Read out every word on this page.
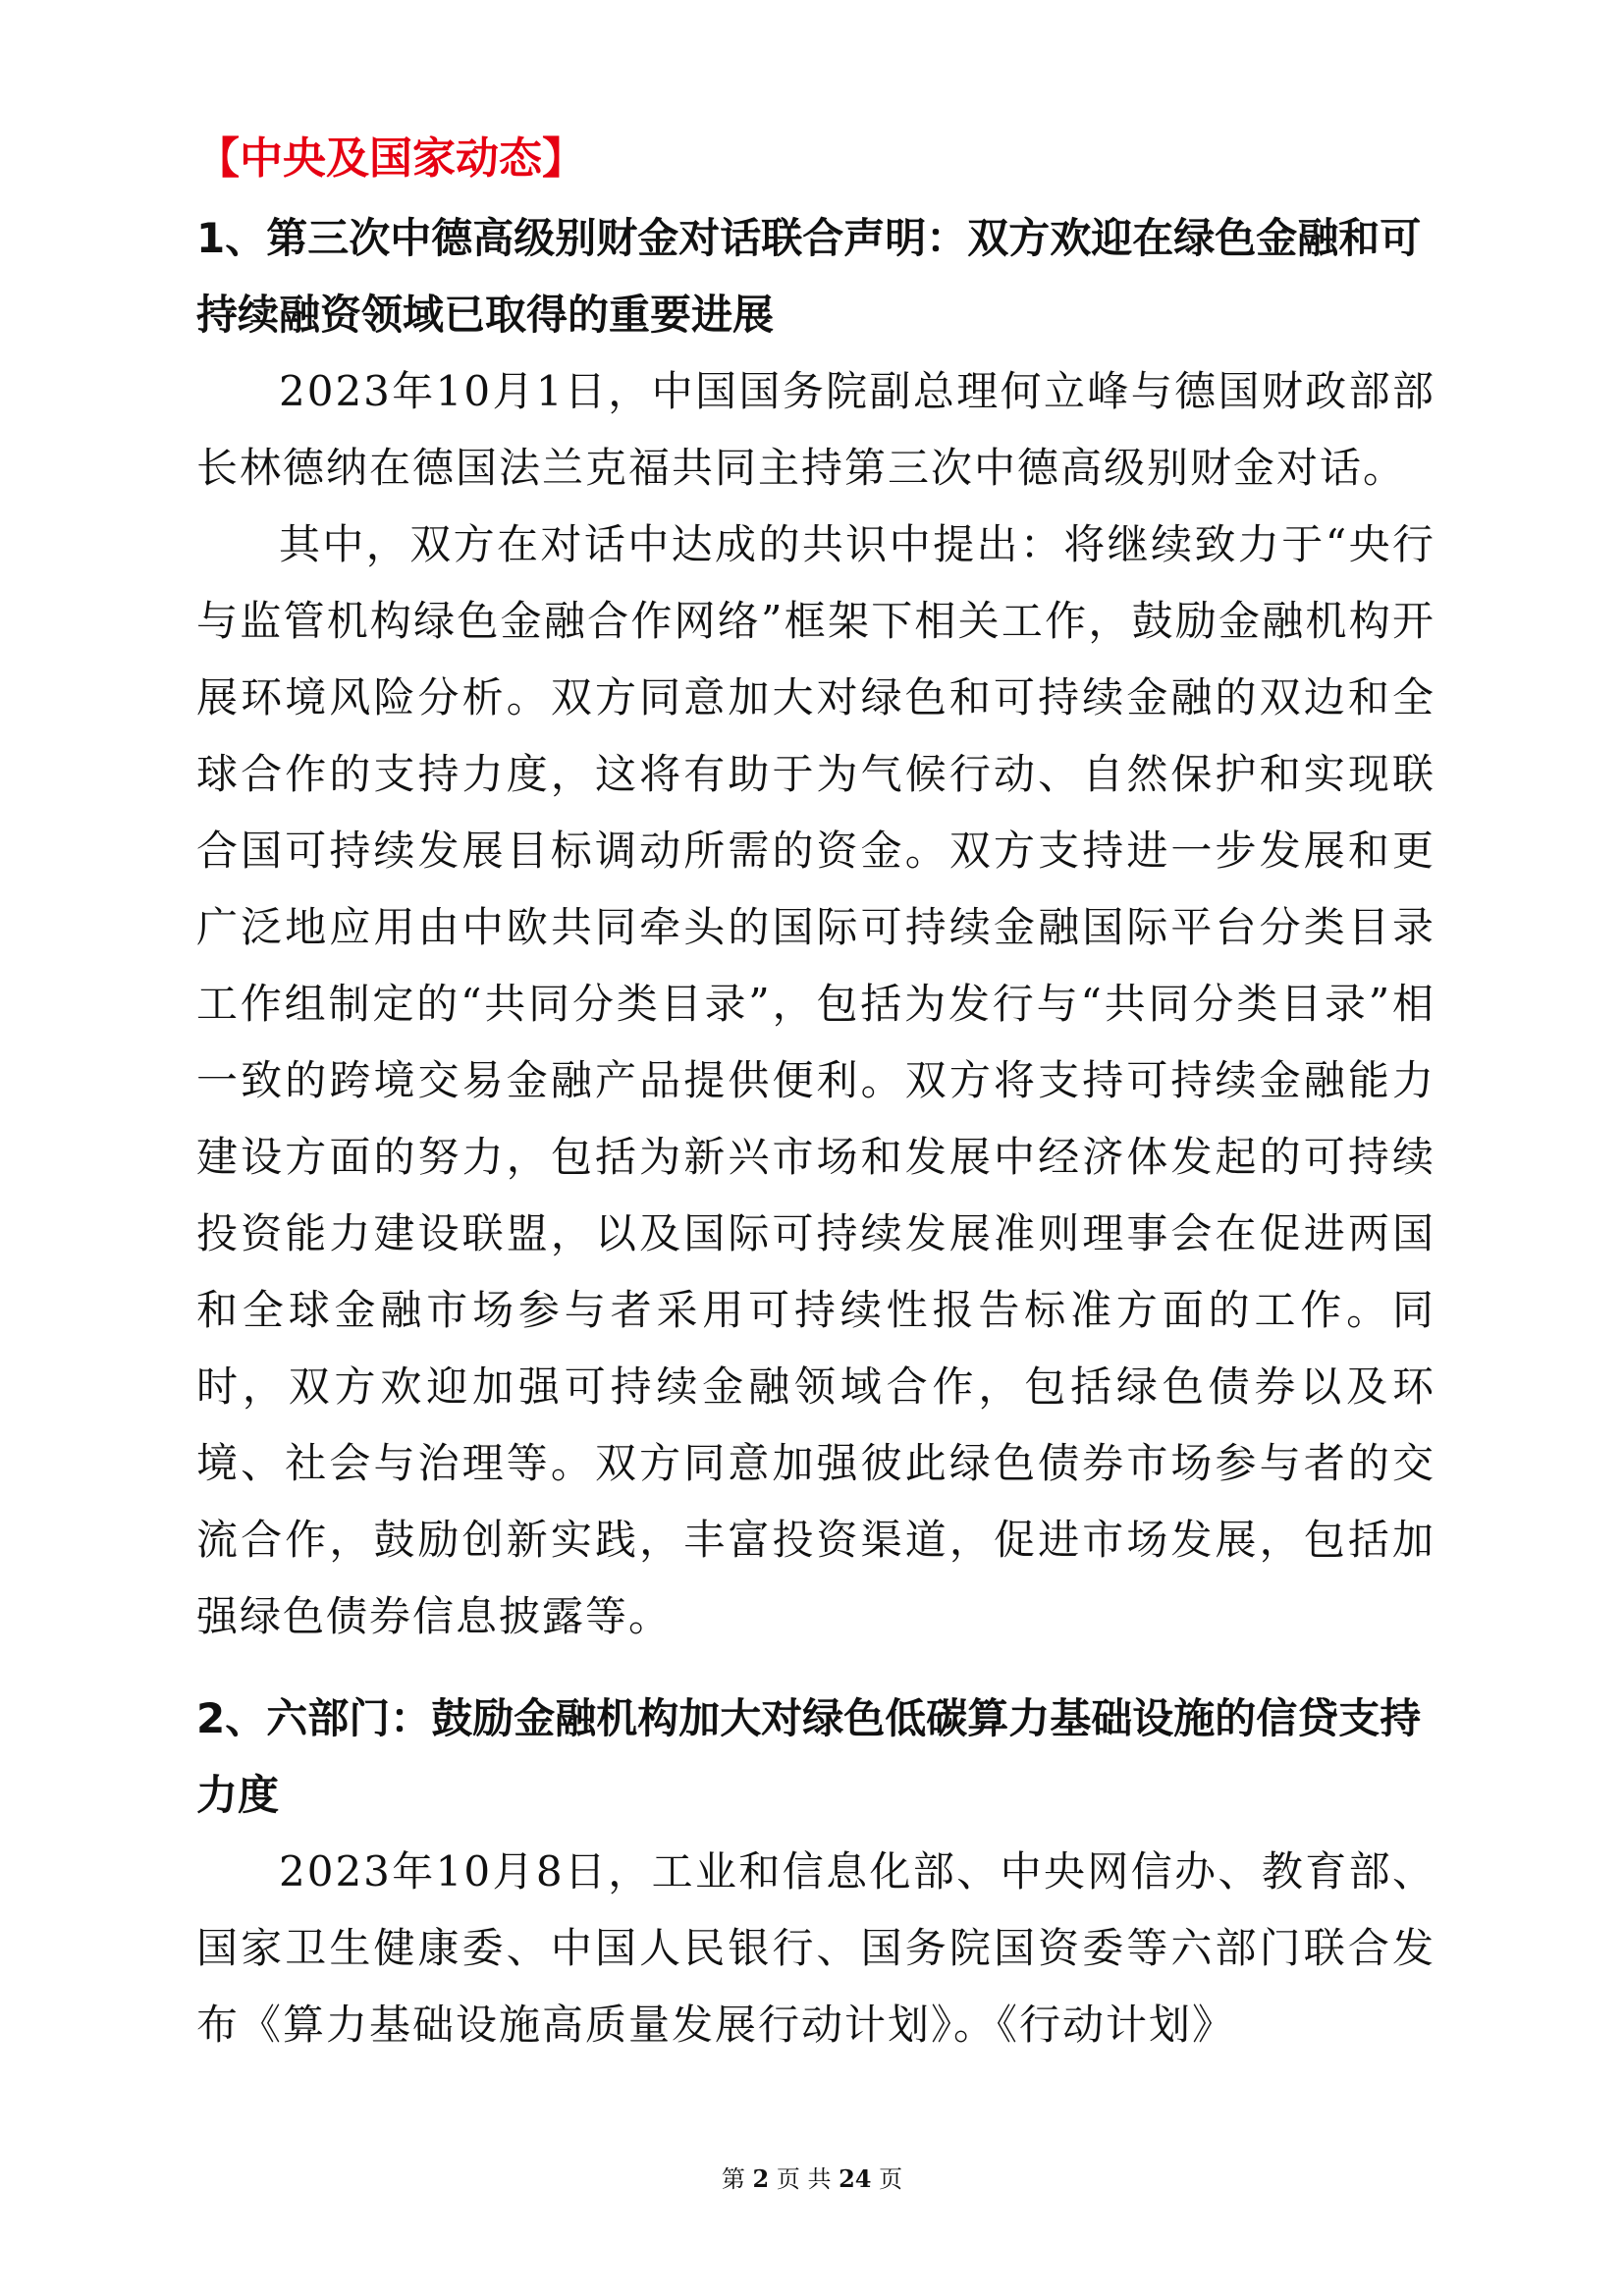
【中央及国家动态】
1、第三次中德高级别财金对话联合声明：双方欢迎在绿色金融和可持续融资领域已取得的重要进展

2023年10月1日，中国国务院副总理何立峰与德国财政部部长林德纳在德国法兰克福共同主持第三次中德高级别财金对话。

其中，双方在对话中达成的共识中提出：将继续致力于“央行与监管机构绿色金融合作网络”框架下相关工作，鼓励金融机构开展环境风险分析。双方同意加大对绿色和可持续金融的双边和全球合作的支持力度，这将有助于为气候行动、自然保护和实现联合国可持续发展目标调动所需的资金。双方支持进一步发展和更广泛地应用由中欧共同牵头的国际可持续金融国际平台分类目录工作组制定的“共同分类目录”，包括为发行与“共同分类目录”相一致的跨境交易金融产品提供便利。双方将支持可持续金融能力建设方面的努力，包括为新兴市场和发展中经济体发起的可持续投资能力建设联盟，以及国际可持续发展准则理事会在促进两国和全球金融市场参与者采用可持续性报告标准方面的工作。同时，双方欢迎加强可持续金融领域合作，包括绿色债券以及环境、社会与治理等。双方同意加强彼此绿色债券市场参与者的交流合作，鼓励创新实践，丰富投资渠道，促进市场发展，包括加强绿色债券信息披露等。

2、六部门：鼓励金融机构加大对绿色低碳算力基础设施的信贷支持力度

2023年10月8日，工业和信息化部、中央网信办、教育部、国家卫生健康委、中国人民银行、国务院国资委等六部门联合发布《算力基础设施高质量发展行动计划》。《行动计划》

第 2 页 共 24 页
